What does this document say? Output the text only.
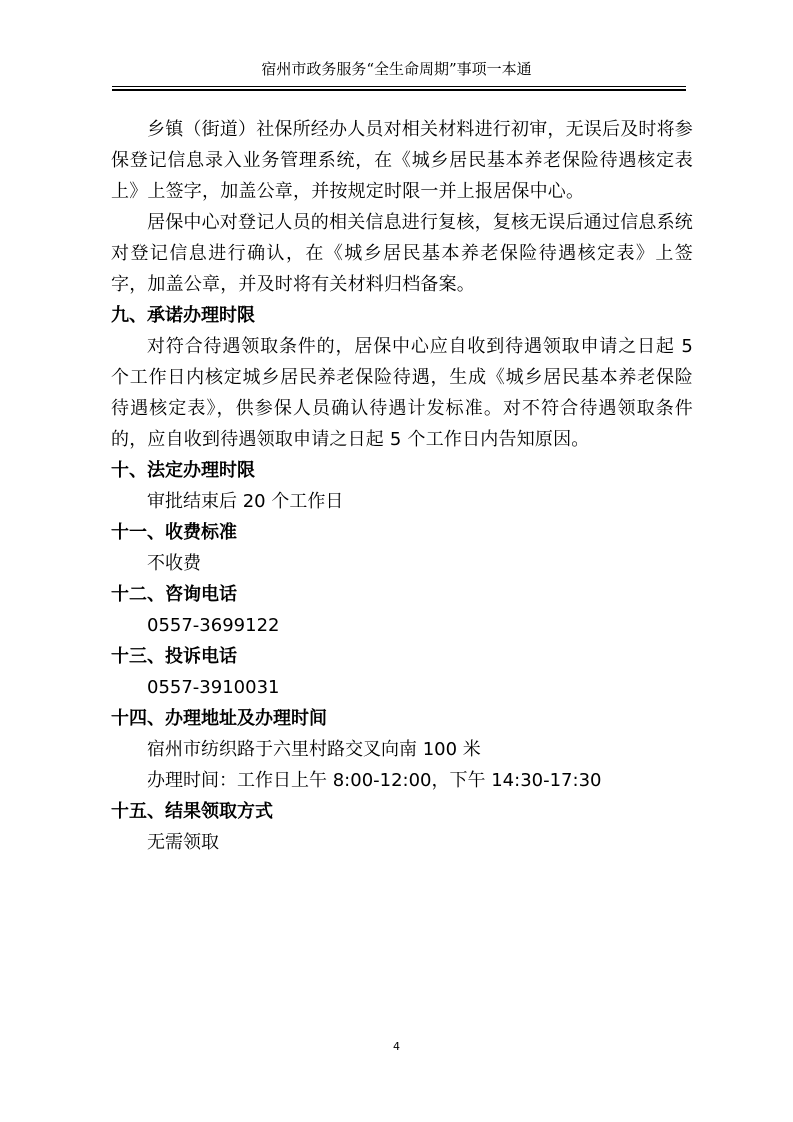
宿州市政务服务“全生命周期”事项一本通

乡镇（街道）社保所经办人员对相关材料进行初审，无误后及时将参保登记信息录入业务管理系统，在《城乡居民基本养老保险待遇核定表上》上签字，加盖公章，并按规定时限一并上报居保中心。

居保中心对登记人员的相关信息进行复核，复核无误后通过信息系统对登记信息进行确认，在《城乡居民基本养老保险待遇核定表》上签字，加盖公章，并及时将有关材料归档备案。

九、承诺办理时限

对符合待遇领取条件的，居保中心应自收到待遇领取申请之日起 5 个工作日内核定城乡居民养老保险待遇，生成《城乡居民基本养老保险待遇核定表》，供参保人员确认待遇计发标准。对不符合待遇领取条件的，应自收到待遇领取申请之日起 5 个工作日内告知原因。

十、法定办理时限

审批结束后 20 个工作日

十一、收费标准

不收费

十二、咨询电话

0557-3699122

十三、投诉电话

0557-3910031

十四、办理地址及办理时间

宿州市纺织路于六里村路交叉向南 100 米

办理时间：工作日上午 8:00-12:00，下午 14:30-17:30

十五、结果领取方式

无需领取

4
